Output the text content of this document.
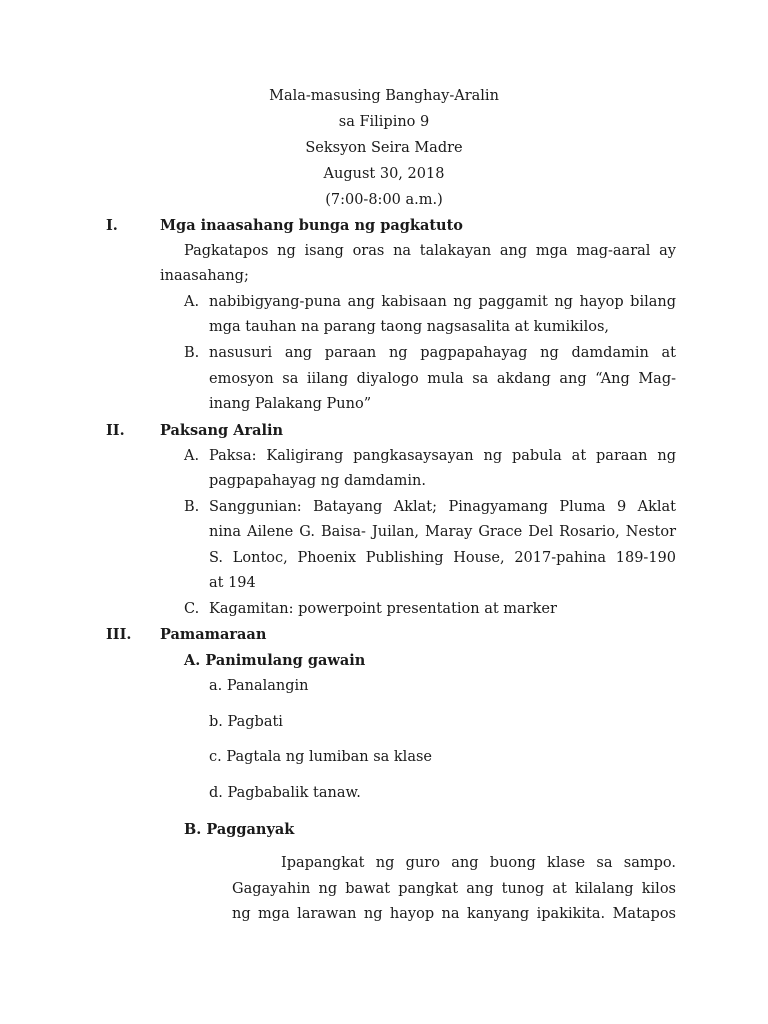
Mala-masusing Banghay-Aralin
sa Filipino 9
Seksyon Seira Madre
August 30, 2018
(7:00-8:00 a.m.)
I.	Mga inaasahang bunga ng pagkatuto
Pagkatapos ng isang oras na talakayan ang mga mag-aaral ay
inaasahang;
A. nabibigyang-puna ang kabisaan ng paggamit ng hayop bilang
mga tauhan na parang taong nagsasalita at kumikilos,
B. nasusuri ang paraan ng pagpapahayag ng damdamin at
emosyon sa iilang diyalogo mula sa akdang ang “Ang Mag-
inang Palakang Puno”
II. Paksang Aralin
A. Paksa: Kaligirang pangkasaysayan ng pabula at paraan ng
pagpapahayag ng damdamin.
B. Sanggunian: Batayang Aklat; Pinagyamang Pluma 9 Aklat
nina Ailene G. Baisa- Juilan, Maray Grace Del Rosario, Nestor
S. Lontoc, Phoenix Publishing House, 2017-pahina 189-190
at 194
C. Kagamitan: powerpoint presentation at marker
III. Pamamaraan
A. Panimulang gawain
a. Panalangin
b. Pagbati
c. Pagtala ng lumiban sa klase
d. Pagbabalik tanaw.
B. Pagganyak
Ipapangkat ng guro ang buong klase sa sampo.
Gagayahin ng bawat pangkat ang tunog at kilalang kilos
ng mga larawan ng hayop na kanyang ipakikita. Matapos
